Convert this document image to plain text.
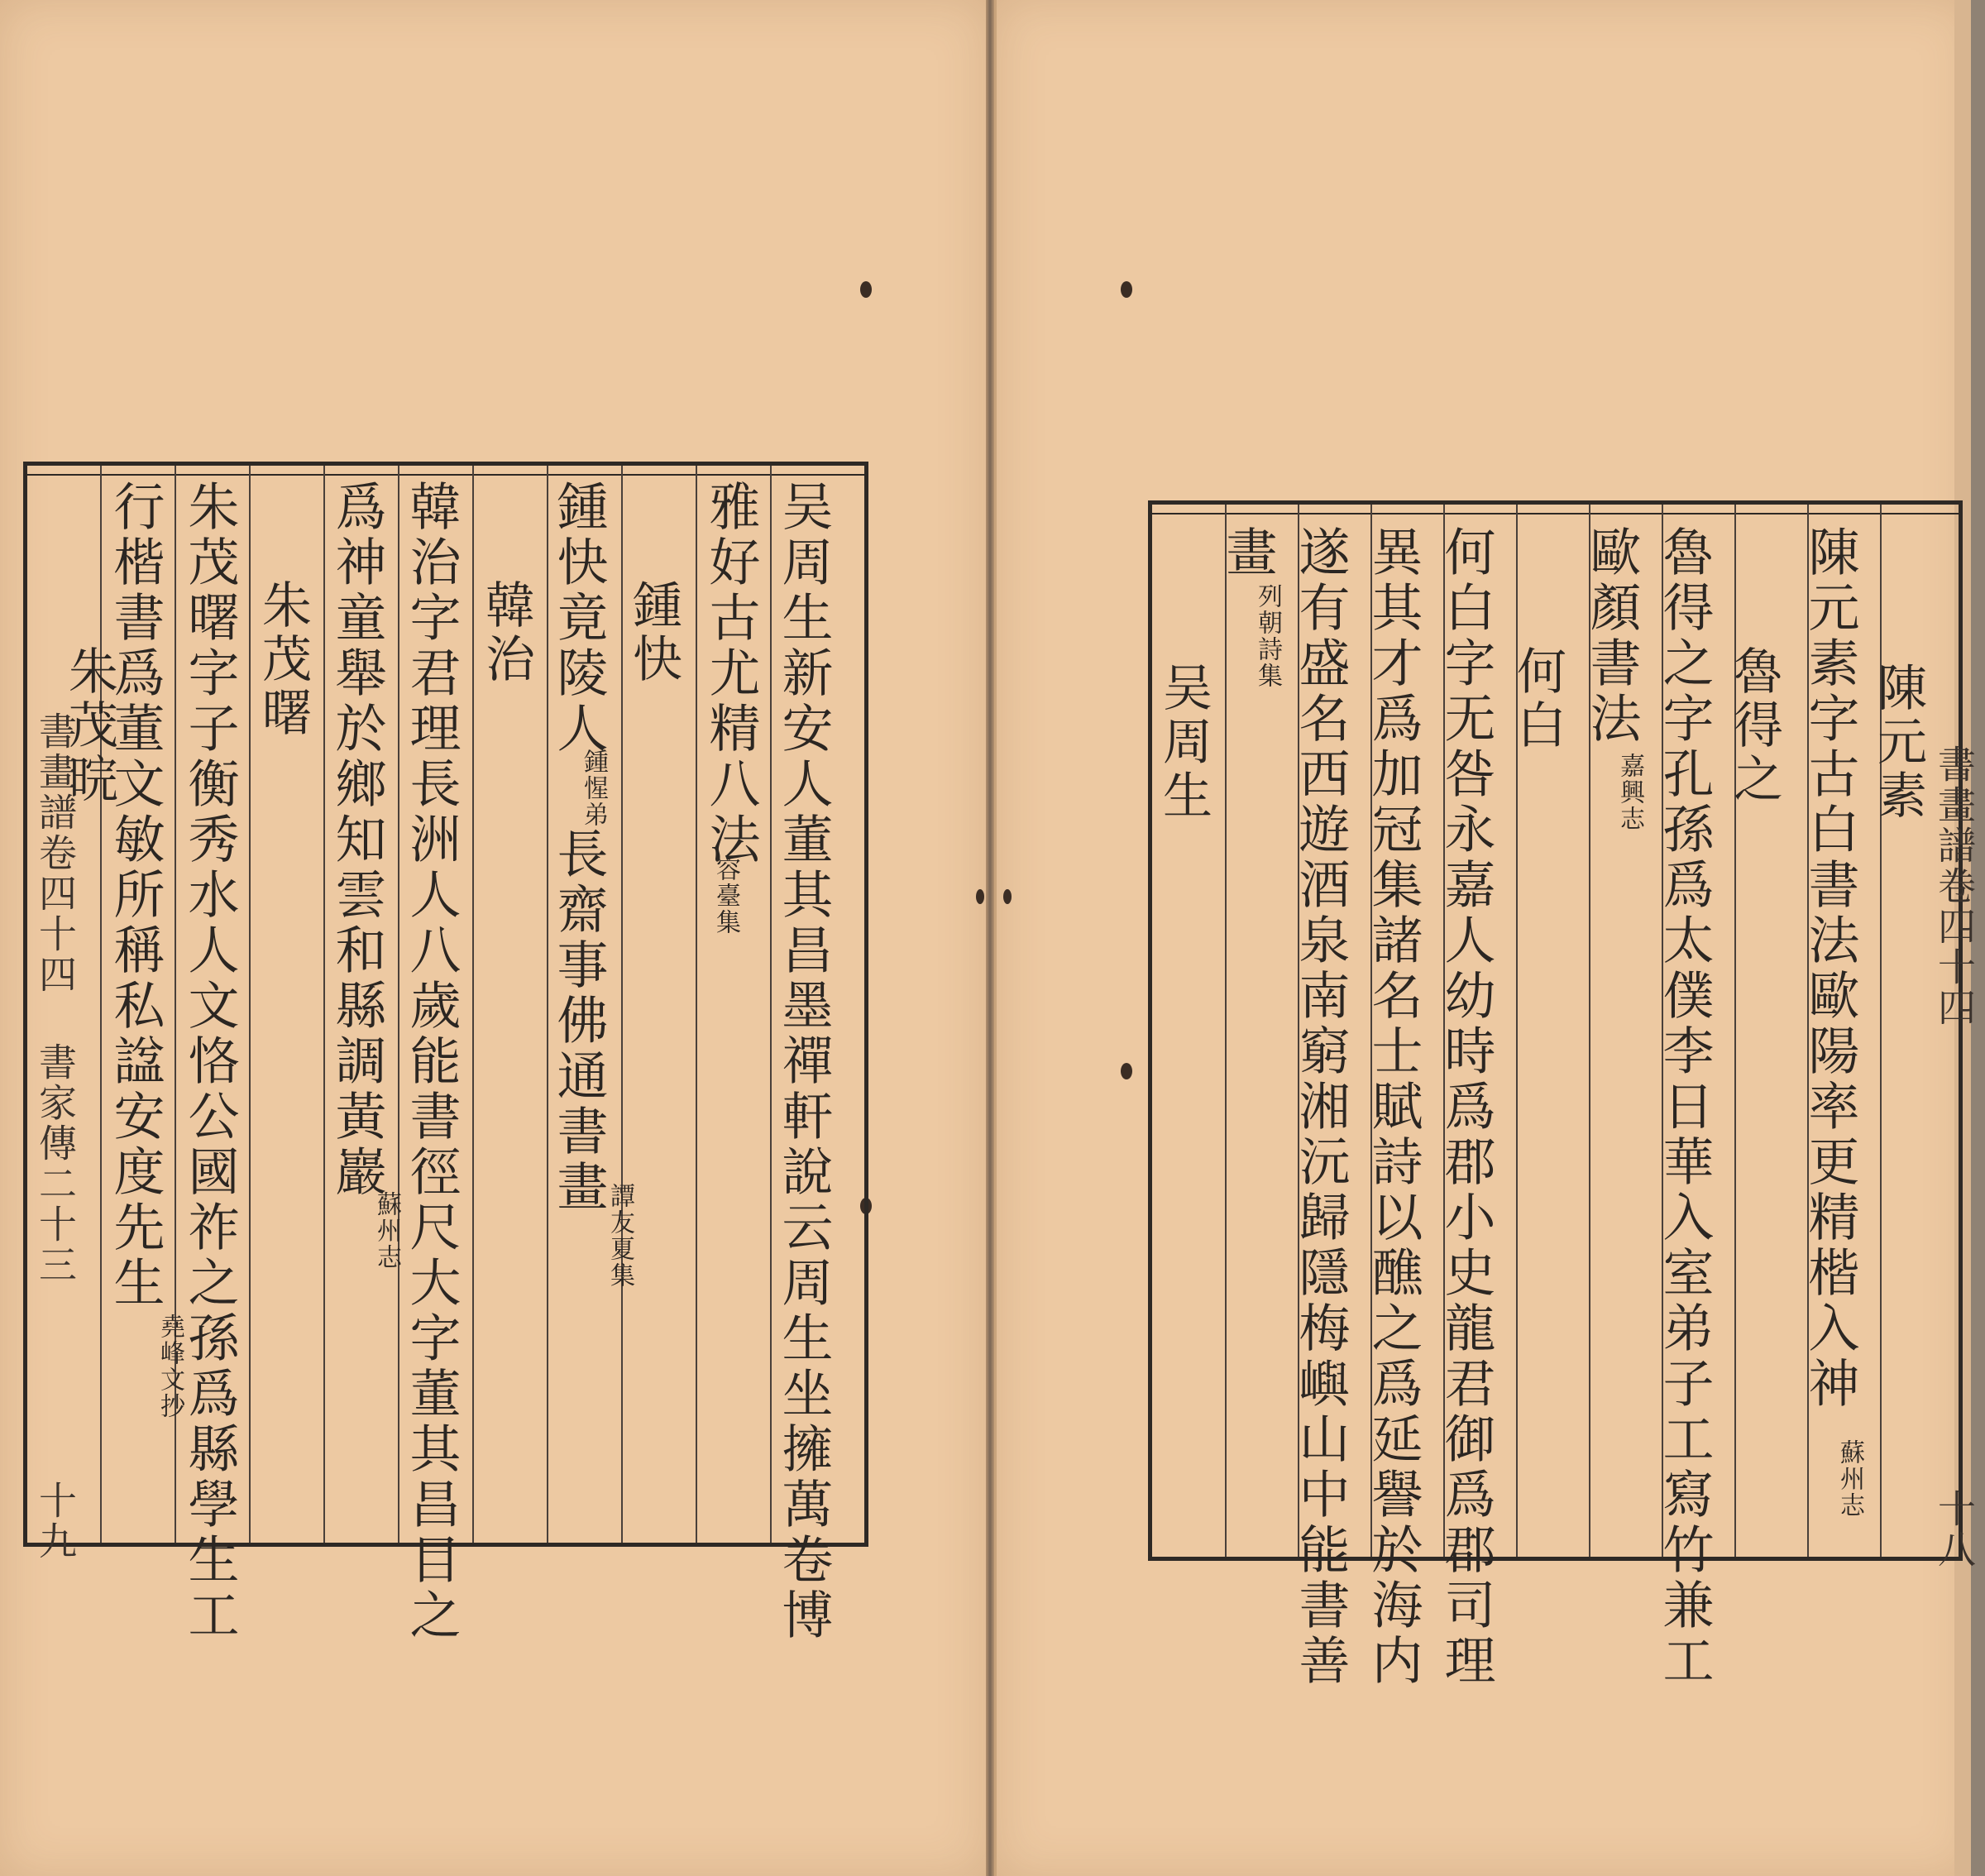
書畫譜卷四十四 書家傳二十三
十九	吴周生新安人董其昌墨禪軒說云周生坐擁萬卷博
雅好古尤精八法
容臺集
鍾快
鍾快竟陵人
鍾惺弟
長齋事佛通書畫
譚友夏集
韓治
韓治字君理長洲人八歲能書徑尺大字董其昌目之
爲神童舉於鄉知雲和縣調黃巖
蘇州志
朱茂曙
朱茂曙字子衡秀水人文恪公國祚之孫爲縣學生工
行楷書爲董文敏所稱私諡安度先生
堯峰文抄
朱茂晥
書畫譜卷四十四
十八
陳元素
陳元素字古白書法歐陽率更精楷入神
蘇州志
魯得之
魯得之字孔孫爲太僕李日華入室弟子工寫竹兼工
歐顏書法
嘉興志
何白
何白字无咎永嘉人幼時爲郡小史龍君御爲郡司理
異其才爲加冠集諸名士賦詩以醮之爲延譽於海内
遂有盛名西遊酒泉南窮湘沅歸隱梅嶼山中能書善
畫
列朝詩集
吴周生
